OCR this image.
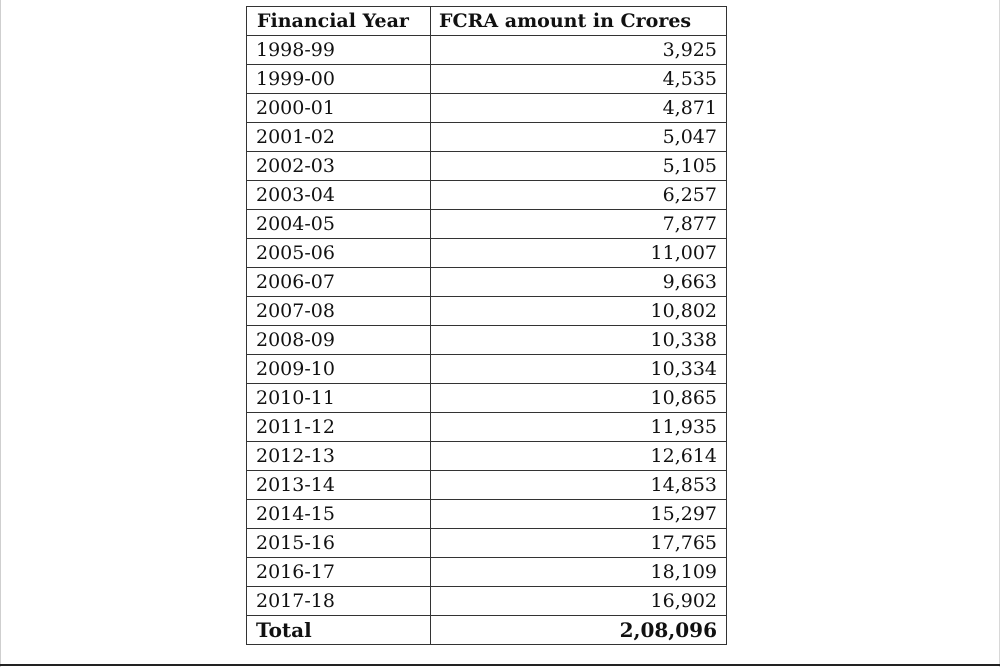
Financial Year	FCRA amount in Crores
1998-99	3,925
1999-00	4,535
2000-01	4,871
2001-02	5,047
2002-03	5,105
2003-04	6,257
2004-05	7,877
2005-06	11,007
2006-07	9,663
2007-08	10,802
2008-09	10,338
2009-10	10,334
2010-11	10,865
2011-12	11,935
2012-13	12,614
2013-14	14,853
2014-15	15,297
2015-16	17,765
2016-17	18,109
2017-18	16,902
Total	2,08,096
